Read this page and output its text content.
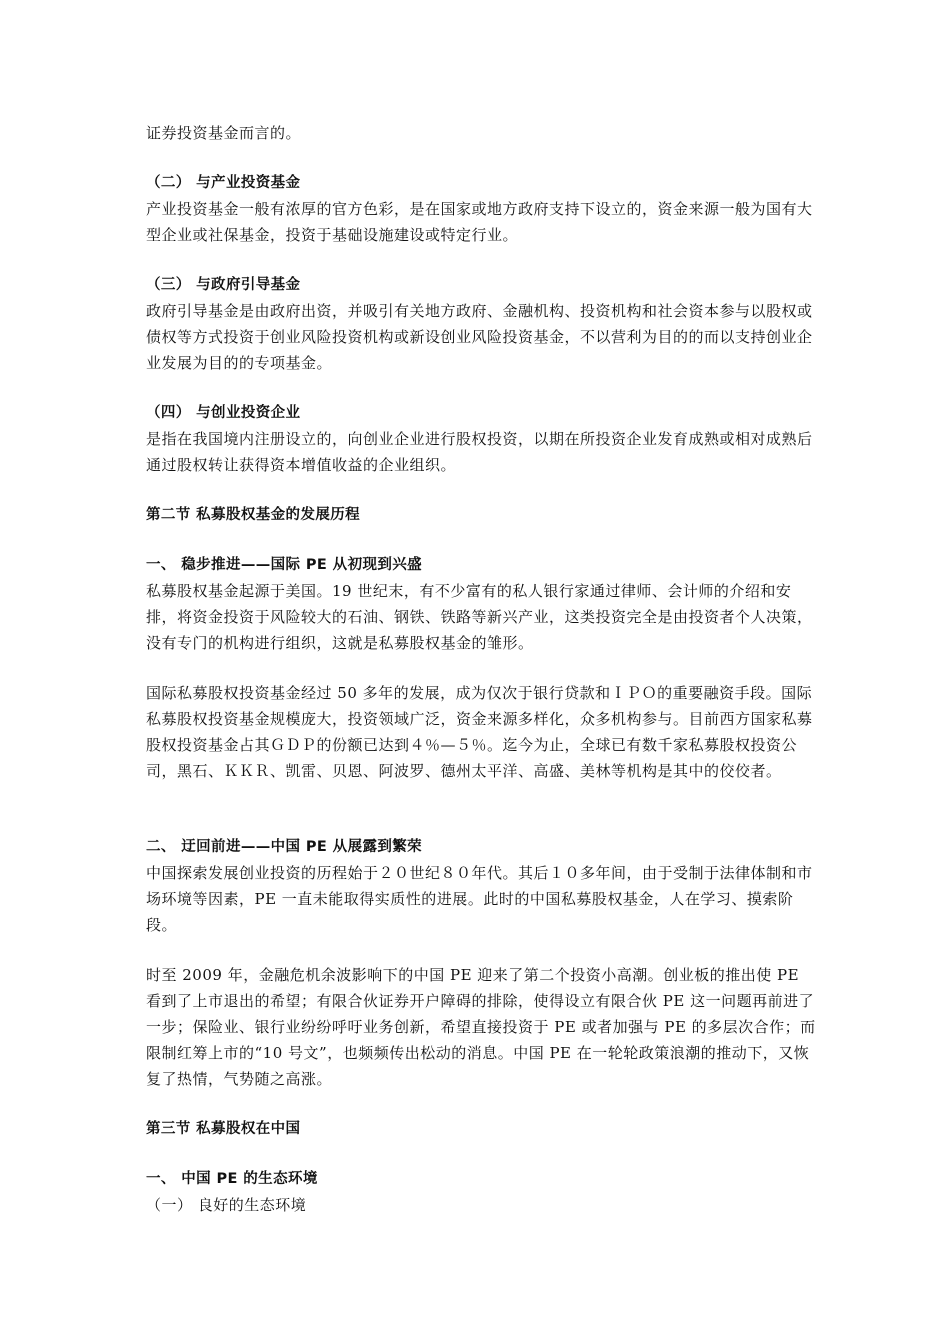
证券投资基金而言的。

（二） 与产业投资基金

产业投资基金一般有浓厚的官方色彩，是在国家或地方政府支持下设立的，资金来源一般为国有大型企业或社保基金，投资于基础设施建设或特定行业。

（三） 与政府引导基金

政府引导基金是由政府出资，并吸引有关地方政府、金融机构、投资机构和社会资本参与以股权或债权等方式投资于创业风险投资机构或新设创业风险投资基金，不以营利为目的的而以支持创业企业发展为目的的专项基金。

（四） 与创业投资企业

是指在我国境内注册设立的，向创业企业进行股权投资，以期在所投资企业发育成熟或相对成熟后通过股权转让获得资本增值收益的企业组织。

第二节 私募股权基金的发展历程

一、 稳步推进——国际 PE 从初现到兴盛

私募股权基金起源于美国。19 世纪末，有不少富有的私人银行家通过律师、会计师的介绍和安排，将资金投资于风险较大的石油、钢铁、铁路等新兴产业，这类投资完全是由投资者个人决策，没有专门的机构进行组织，这就是私募股权基金的雏形。

国际私募股权投资基金经过 50 多年的发展，成为仅次于银行贷款和ＩＰＯ的重要融资手段。国际私募股权投资基金规模庞大，投资领域广泛，资金来源多样化，众多机构参与。目前西方国家私募股权投资基金占其ＧＤＰ的份额已达到４％—５％。迄今为止，全球已有数千家私募股权投资公司，黑石、ＫＫＲ、凯雷、贝恩、阿波罗、德州太平洋、高盛、美林等机构是其中的佼佼者。

二、 迂回前进——中国 PE 从展露到繁荣

中国探索发展创业投资的历程始于２０世纪８０年代。其后１０多年间，由于受制于法律体制和市场环境等因素，PE 一直未能取得实质性的进展。此时的中国私募股权基金，人在学习、摸索阶段。

时至 2009 年，金融危机余波影响下的中国 PE 迎来了第二个投资小高潮。创业板的推出使 PE 看到了上市退出的希望；有限合伙证券开户障碍的排除，使得设立有限合伙 PE 这一问题再前进了一步；保险业、银行业纷纷呼吁业务创新，希望直接投资于 PE 或者加强与 PE 的多层次合作；而限制红筹上市的“10 号文”，也频频传出松动的消息。中国 PE 在一轮轮政策浪潮的推动下，又恢复了热情，气势随之高涨。

第三节 私募股权在中国

一、 中国 PE 的生态环境

（一） 良好的生态环境
